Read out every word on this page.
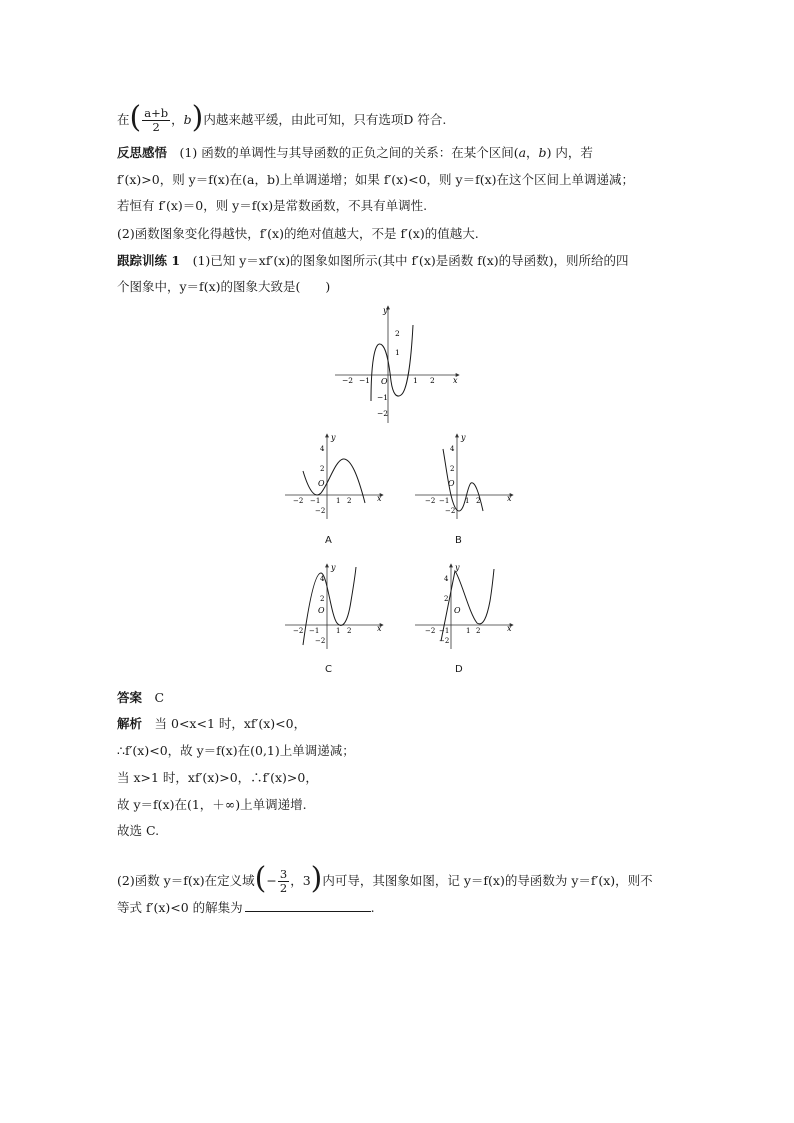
在( $\frac{a+b}{2}$ ，b)内越来越平缓，由此可知，只有选项D 符合.
反思感悟　(1) 函数的单调性与其导函数的正负之间的关系：在某个区间(a，b) 内，若
f′(x)>0，则 y＝f(x)在(a，b)上单调递增；如果 f′(x)<0，则 y＝f(x)在这个区间上单调递减；
若恒有 f′(x)＝0，则 y＝f(x)是常数函数，不具有单调性.
(2)函数图象变化得越快，f′(x)的绝对值越大，不是 f′(x)的值越大.
跟踪训练 1　(1)已知 y＝xf′(x)的图象如图所示(其中 f′(x)是函数 f(x)的导函数)，则所给的四
个图象中，y＝f(x)的图象大致是(　　)
y
x
O
−2 −1	1 2
2
1
−1
−2
y
x
O
−2 −1 1 2
4
2
−2
A
y
x
O
−2 −1 1 2
4
2
−2
B
y
x
O
−2 −1 1 2
4
2
−2
C
y
x
O
−2 −1 1 2
4
2
−2
D
答案　C
解析　当 0<x<1 时，xf′(x)<0，
∴f′(x)<0，故 y＝f(x)在(0,1)上单调递减；
当 x>1 时，xf′(x)>0，∴f′(x)>0，
故 y＝f(x)在(1，＋∞)上单调递增.
故选 C.
(2)函数 y＝f(x)在定义域(− $\frac{3}{2}$ ，3)内可导，其图象如图，记 y＝f(x)的导函数为 y＝f′(x)，则不
等式 f′(x)<0 的解集为	.
